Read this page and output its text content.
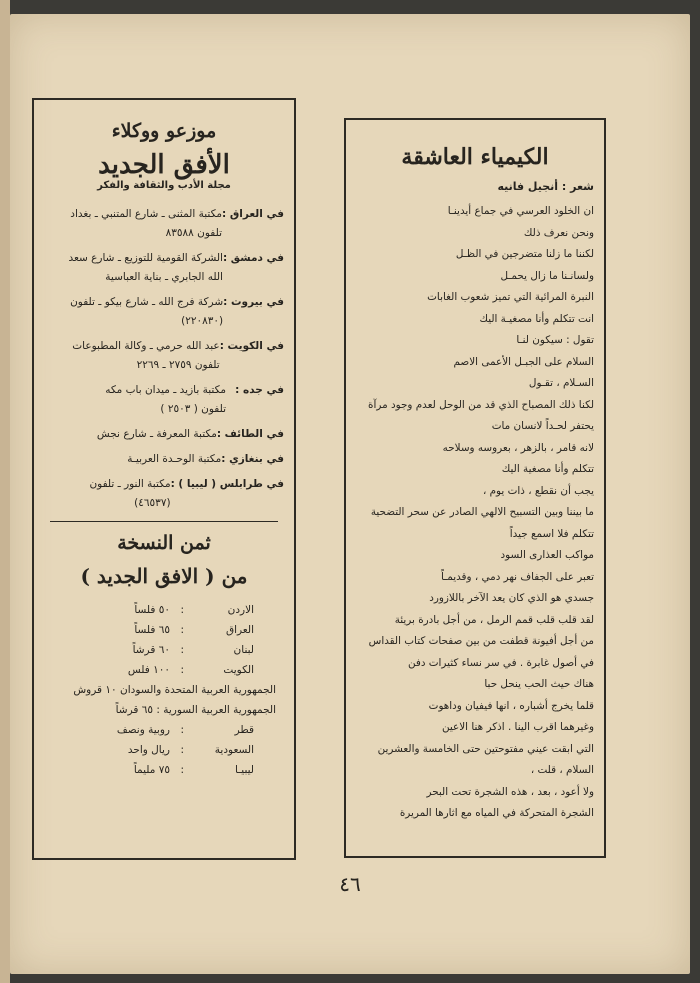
الكيمياء العاشقة
شعر : أنجيل فانيه
ان الخلود العرسي في جماع أيدينـا
ونحن نعرف ذلك
لكننا ما زلنا متضرجين في الظـل
ولسانـنا ما زال يحمـل
النبرة المرائية التي تميز شعوب الغابات
انت تتكلم وأنا مصغيـة اليك
تقول : سيكون لنـا
السلام على الجبـل الأعمى الاصم
السـلام ، تقـول
لكنا ذلك المصباح الذي قد من الوحل لعدم وجود مرآة
يحتفر لحـداً لانسان مات
لانه قامر ، بالزهر ، بعروسه وسلاحه
تتكلم وأنا مصغية اليك
يجب أن نقطع ، ذات يوم ،
ما بيننا وبين التسبيح الالهي الصادر عن سحر التضحية
تتكلم فلا اسمع جيداً
مواكب العذارى السود
تعبر على الجفاف نهر دمي ، وقديمـاً
جسدي هو الذي كان يعد الآخر باللازورد
لقد قلب قلب قمم الرمل ، من أجل بادرة بريئة
من أجل أفيونة قطفت من بين صفحات كتاب القداس
في أصول غابرة . في سر نساء كثيرات دفن
هناك حيث الحب ينحل حبا
قلما يخرج أشباره ، انها فيفيان وداهوت
وغيرهما اقرب الينا . اذكر هنا الاعين
التي ابقت عيني مفتوحتين حتى الخامسة والعشرين
السلام ، قلت ،
ولا أعود ، بعد ، هذه الشجرة تحت البحر
الشجرة المتحركة في المياه مع اثارها المريرة
موزعو ووكلاء
الأفق الجديد
مجلة الأدب والثقافة والفكر
في العراق :
مكتبة المثنى ـ شارع المتنبي ـ بغداد
تلفون ٨٣٥٨٨
في دمشق :
الشركة القومية للتوزيع ـ شارع سعد
الله الجابري ـ بناية العباسية
في بيروت :
شركة فرج الله ـ شارع بيكو ـ تلفون
(٢٢٠٨٣٠)
في الكويت :
عبد الله حرمي ـ وكالة المطبوعات
تلفون ٢٧٥٩ ـ ٢٢٦٩
في جده :
مكتبة بازيد ـ ميدان باب مكه
تلفون ( ٢٥٠٣ )
في الطائف :
مكتبة المعرفة ـ شارع نجش
في بنغازي :
مكتبة الوحـدة العربيـة
في طرابلس ( ليبيا ) :
مكتبة النور ـ تلفون
(٤٦٥٣٧)
ثمن النسخة
من ( الافق الجديد )
الاردن
:
٥٠ فلساً
العراق
:
٦٥ فلساً
لبنان
:
٦٠ قرشاً
الكويت
:
١٠٠ فلس
الجمهورية العربية المتحدة والسودان ١٠ قروش
الجمهورية العربية السورية : ٦٥ قرشاً
قطر
:
روبية ونصف
السعودية
:
ريال واحد
ليبيـا
:
٧٥ مليماً
٤٦
